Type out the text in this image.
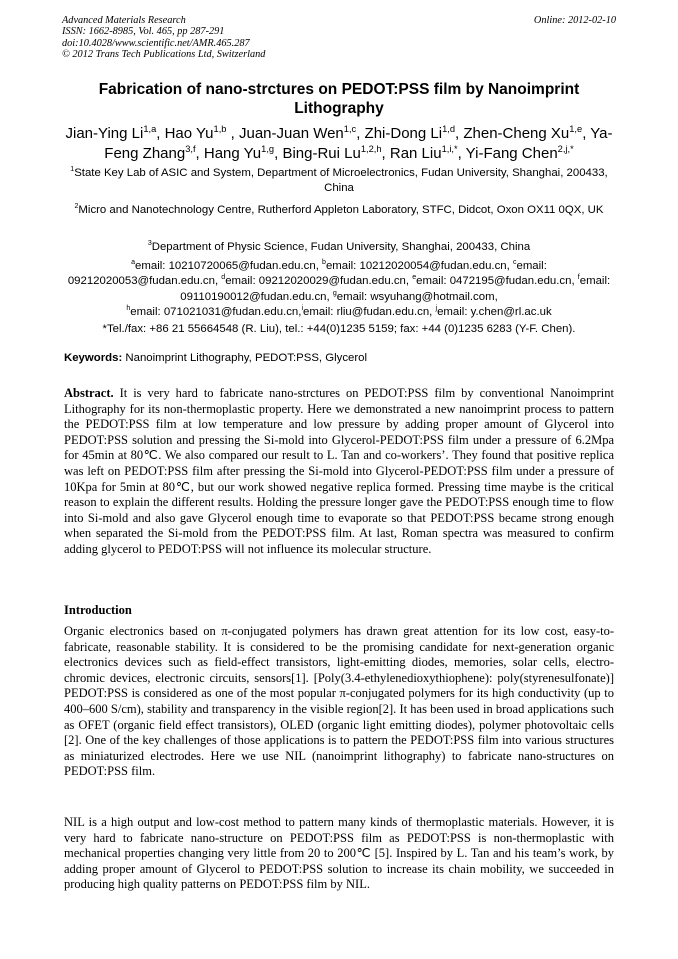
Advanced Materials Research
ISSN: 1662-8985, Vol. 465, pp 287-291
doi:10.4028/www.scientific.net/AMR.465.287
© 2012 Trans Tech Publications Ltd, Switzerland
Online: 2012-02-10
Fabrication of nano-strctures on PEDOT:PSS film by Nanoimprint Lithography
Jian-Ying Li$^{1,a}$, Hao Yu$^{1,b}$ , Juan-Juan Wen$^{1,c}$, Zhi-Dong Li$^{1,d}$, Zhen-Cheng Xu$^{1,e}$, Ya-Feng Zhang$^{3,f}$, Hang Yu$^{1,g}$, Bing-Rui Lu$^{1,2,h}$, Ran Liu$^{1,i,*}$, Yi-Fang Chen$^{2,j,*}$
$^1$State Key Lab of ASIC and System, Department of Microelectronics, Fudan University, Shanghai, 200433, China
$^2$Micro and Nanotechnology Centre, Rutherford Appleton Laboratory, STFC, Didcot, Oxon OX11 0QX, UK
$^3$Department of Physic Science, Fudan University, Shanghai, 200433, China
$^a$email: 10210720065@fudan.edu.cn, $^b$email: 10212020054@fudan.edu.cn, $^c$email: 09212020053@fudan.edu.cn, $^d$email: 09212020029@fudan.edu.cn, $^e$email: 0472195@fudan.edu.cn, $^f$email: 09110190012@fudan.edu.cn, $^g$email: wsyuhang@hotmail.com,
$^h$email: 071021031@fudan.edu.cn,$^i$email: rliu@fudan.edu.cn, $^j$email: y.chen@rl.ac.uk
*Tel./fax: +86 21 55664548 (R. Liu), tel.: +44(0)1235 5159; fax: +44 (0)1235 6283 (Y-F. Chen).
Keywords: Nanoimprint Lithography, PEDOT:PSS, Glycerol
Abstract. It is very hard to fabricate nano-strctures on PEDOT:PSS film by conventional Nanoimprint Lithography for its non-thermoplastic property. Here we demonstrated a new nanoimprint process to pattern the PEDOT:PSS film at low temperature and low pressure by adding proper amount of Glycerol into PEDOT:PSS solution and pressing the Si-mold into Glycerol-PEDOT:PSS film under a pressure of 6.2Mpa for 45min at 80℃. We also compared our result to L. Tan and co-workers’. They found that positive replica was left on PEDOT:PSS film after pressing the Si-mold into Glycerol-PEDOT:PSS film under a pressure of 10Kpa for 5min at 80℃, but our work showed negative replica formed. Pressing time maybe is the critical reason to explain the different results. Holding the pressure longer gave the PEDOT:PSS enough time to flow into Si-mold and also gave Glycerol enough time to evaporate so that PEDOT:PSS became strong enough when separated the Si-mold from the PEDOT:PSS film. At last, Roman spectra was measured to confirm adding glycerol to PEDOT:PSS will not influence its molecular structure.
Introduction
Organic electronics based on π-conjugated polymers has drawn great attention for its low cost, easy-to-fabricate, reasonable stability. It is considered to be the promising candidate for next-generation organic electronics devices such as field-effect transistors, light-emitting diodes, memories, solar cells, electro-chromic devices, electronic circuits, sensors[1]. [Poly(3.4-ethylenedioxythiophene): poly(styrenesulfonate)] PEDOT:PSS is considered as one of the most popular π-conjugated polymers for its high conductivity (up to 400–600 S/cm), stability and transparency in the visible region[2]. It has been used in broad applications such as OFET (organic field effect transistors), OLED (organic light emitting diodes), polymer photovoltaic cells [2]. One of the key challenges of those applications is to pattern the PEDOT:PSS film into various structures as miniaturized electrodes. Here we use NIL (nanoimprint lithography) to fabricate nano-structures on PEDOT:PSS film.
NIL is a high output and low-cost method to pattern many kinds of thermoplastic materials. However, it is very hard to fabricate nano-structure on PEDOT:PSS film as PEDOT:PSS is non-thermoplastic with mechanical properties changing very little from 20 to 200℃ [5]. Inspired by L. Tan and his team’s work, by adding proper amount of Glycerol to PEDOT:PSS solution to increase its chain mobility, we succeeded in producing high quality patterns on PEDOT:PSS film by NIL.
